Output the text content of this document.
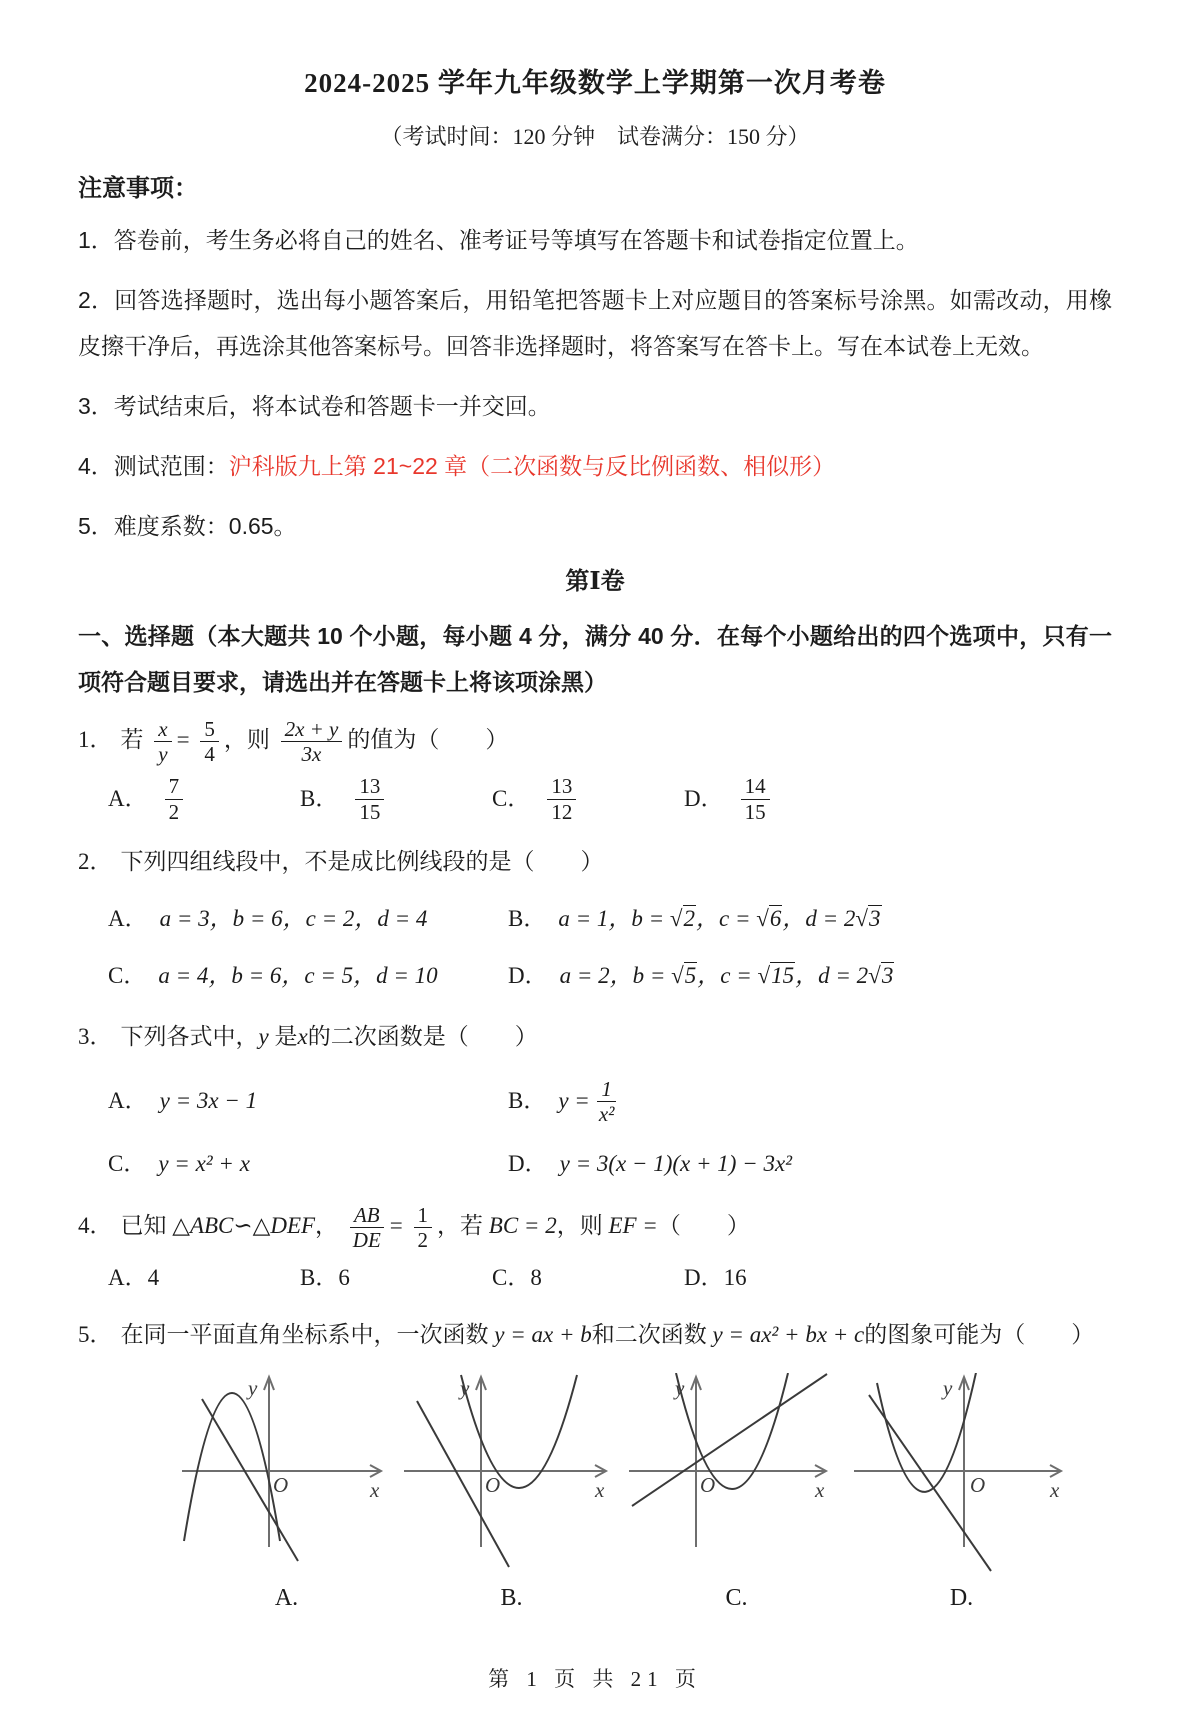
2024-2025 学年九年级数学上学期第一次月考卷
（考试时间：120 分钟　试卷满分：150 分）
注意事项：

1．答卷前，考生务必将自己的姓名、准考证号等填写在答题卡和试卷指定位置上。

2．回答选择题时，选出每小题答案后，用铅笔把答题卡上对应题目的答案标号涂黑。如需改动，用橡皮擦干净后，再选涂其他答案标号。回答非选择题时，将答案写在答卡上。写在本试卷上无效。

3．考试结束后，将本试卷和答题卡一并交回。

4．测试范围：沪科版九上第 21~22 章（二次函数与反比例函数、相似形）

5．难度系数：0.65。

第Ⅰ卷
一、选择题（本大题共 10 个小题，每小题 4 分，满分 40 分．在每个小题给出的四个选项中，只有一项符合题目要求，请选出并在答题卡上将该项涂黑）
1． 若 $\frac{x}{y} = \frac{5}{4}$ ，则 $\frac{2x + y}{3x}$ 的值为（　　）
A． $\frac{7}{2}$	B． $\frac{13}{15}$	C． $\frac{13}{12}$	D． $\frac{14}{15}$
2． 下列四组线段中，不是成比例线段的是（　　）
A． a = 3，b = 6，c = 2，d = 4	B． a = 1，b = √2，c = √6，d = 2√3
C． a = 4，b = 6，c = 5，d = 10	D． a = 2，b = √5，c = √15，d = 2√3
3． 下列各式中，y 是x的二次函数是（　　）
A． y = 3x − 1	B． $y = \frac{1}{\text{x²}}$
C． y = x² + x	D． y = 3(x − 1)(x + 1) − 3x²
4． 已知 △ABC∽△DEF， $\frac{AB}{DE} = \frac{1}{2}$ ，若 BC = 2，则 EF =（　　）
A．4	B．6	C．8	D．16
5． 在同一平面直角坐标系中，一次函数 y = ax + b和二次函数 y = ax² + bx + c的图象可能为（　　）
y
x
O
y
x
O
y
x
O
y
x
O
A.	B.	C.	D.
第 1 页 共 21 页
